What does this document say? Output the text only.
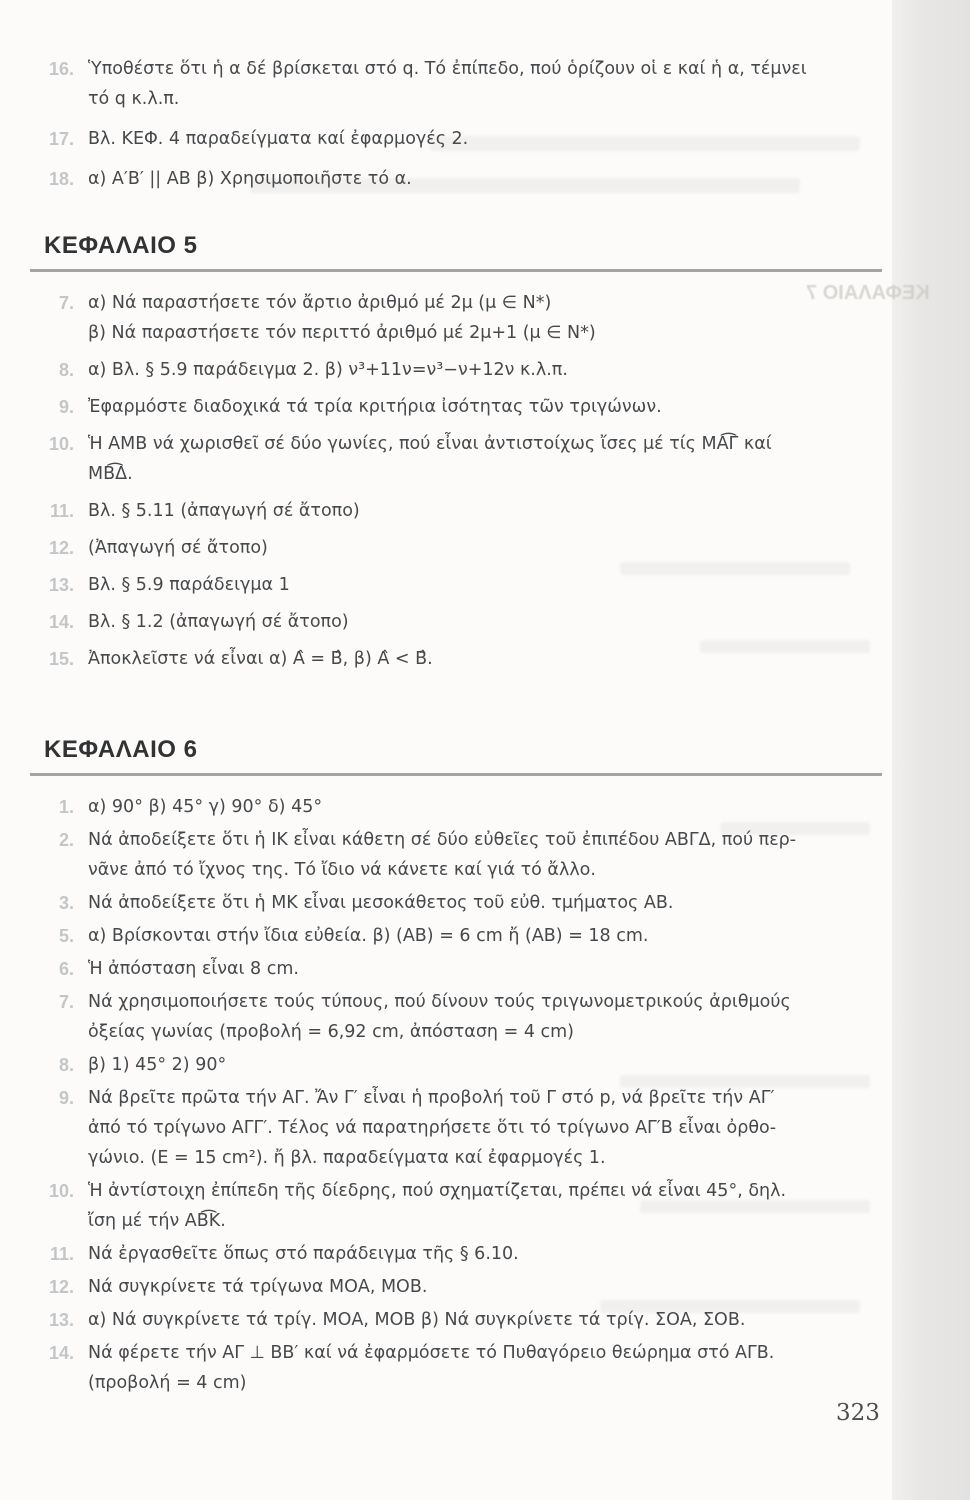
ΚΕΦΑΛΑΙΟ 7
16. Ὑποθέστε ὅτι ἡ α δέ βρίσκεται στό q. Τό ἐπίπεδο, πού ὁρίζουν οἱ ε καί ἡ α, τέμνει
τό q κ.λ.π.
17. Βλ. ΚΕΦ. 4 παραδείγματα καί ἐφαρμογές 2.
18. α) Α′Β′ || ΑΒ β) Χρησιμοποιῆστε τό α.
ΚΕΦΑΛΑΙΟ 5
7. α) Νά παραστήσετε τόν ἄρτιο ἀριθμό μέ 2μ (μ ∈ Ν*)
β) Νά παραστήσετε τόν περιττό ἀριθμό μέ 2μ+1 (μ ∈ Ν*)
8. α) Βλ. § 5.9 παράδειγμα 2. β) ν³+11ν=ν³−ν+12ν κ.λ.π.
9. Ἐφαρμόστε διαδοχικά τά τρία κριτήρια ἰσότητας τῶν τριγώνων.
10. Ἡ ΑΜΒ νά χωρισθεῖ σέ δύο γωνίες, πού εἶναι ἀντιστοίχως ἴσες μέ τίς ΜΑ͡Γ καί
ΜΒ͡Δ.
11. Βλ. § 5.11 (ἀπαγωγή σέ ἄτοπο)
12. (Ἀπαγωγή σέ ἄτοπο)
13. Βλ. § 5.9 παράδειγμα 1
14. Βλ. § 1.2 (ἀπαγωγή σέ ἄτοπο)
15. Ἀποκλεῖστε νά εἶναι α) Α̂ = Β̂, β) Α̂ < Β̂.
ΚΕΦΑΛΑΙΟ 6
1. α) 90° β) 45° γ) 90° δ) 45°
2. Νά ἀποδείξετε ὅτι ἡ ΙΚ εἶναι κάθετη σέ δύο εὐθεῖες τοῦ ἐπιπέδου ΑΒΓΔ, πού περ-
νᾶνε ἀπό τό ἴχνος της. Τό ἴδιο νά κάνετε καί γιά τό ἄλλο.
3. Νά ἀποδείξετε ὅτι ἡ ΜΚ εἶναι μεσοκάθετος τοῦ εὐθ. τμήματος ΑΒ.
5. α) Βρίσκονται στήν ἴδια εὐθεία. β) (ΑΒ) = 6 cm ἤ (ΑΒ) = 18 cm.
6. Ἡ ἀπόσταση εἶναι 8 cm.
7. Νά χρησιμοποιήσετε τούς τύπους, πού δίνουν τούς τριγωνομετρικούς ἀριθμούς
ὀξείας γωνίας (προβολή = 6,92 cm, ἀπόσταση = 4 cm)
8. β) 1) 45° 2) 90°
9. Νά βρεῖτε πρῶτα τήν ΑΓ. Ἄν Γ′ εἶναι ἡ προβολή τοῦ Γ στό p, νά βρεῖτε τήν ΑΓ′
ἀπό τό τρίγωνο ΑΓΓ′. Τέλος νά παρατηρήσετε ὅτι τό τρίγωνο ΑΓ′Β εἶναι ὀρθο-
γώνιο. (Ε = 15 cm²). ἤ βλ. παραδείγματα καί ἐφαρμογές 1.
10. Ἡ ἀντίστοιχη ἐπίπεδη τῆς δίεδρης, πού σχηματίζεται, πρέπει νά εἶναι 45°, δηλ.
ἴση μέ τήν ΑΒ͡Κ.
11. Νά ἐργασθεῖτε ὅπως στό παράδειγμα τῆς § 6.10.
12. Νά συγκρίνετε τά τρίγωνα ΜΟΑ, ΜΟΒ.
13. α) Νά συγκρίνετε τά τρίγ. ΜΟΑ, ΜΟΒ β) Νά συγκρίνετε τά τρίγ. ΣΟΑ, ΣΟΒ.
14. Νά φέρετε τήν ΑΓ ⊥ ΒΒ′ καί νά ἐφαρμόσετε τό Πυθαγόρειο θεώρημα στό ΑΓΒ.
(προβολή = 4 cm)
323
